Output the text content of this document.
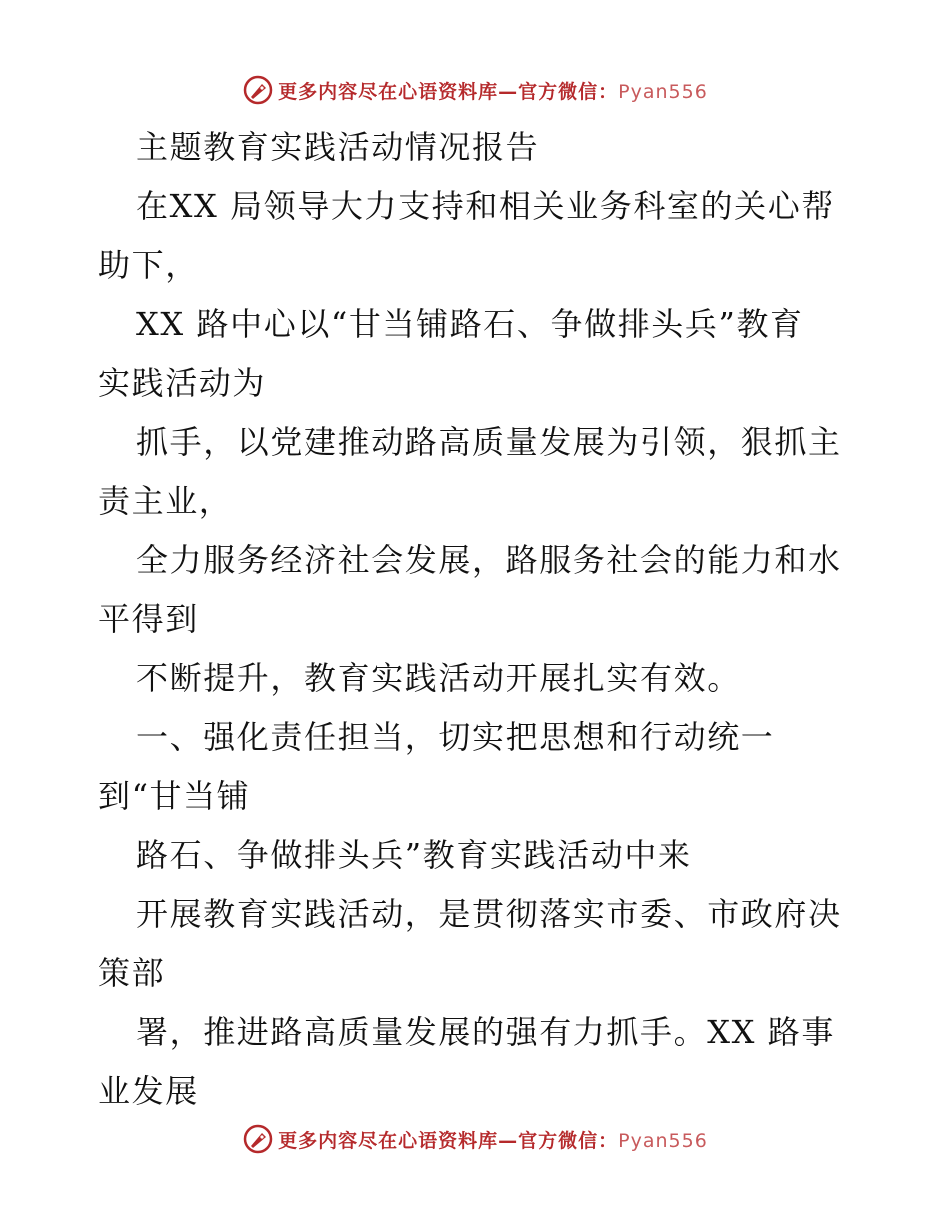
更多内容尽在心语资料库—官方微信：Pyan556
主题教育实践活动情况报告
在XX 局领导大力支持和相关业务科室的关心帮
助下，
XX 路中心以“甘当铺路石、争做排头兵”教育
实践活动为
抓手，以党建推动路高质量发展为引领，狠抓主
责主业，
全力服务经济社会发展，路服务社会的能力和水
平得到
不断提升，教育实践活动开展扎实有效。
一、强化责任担当，切实把思想和行动统一
到“甘当铺
路石、争做排头兵”教育实践活动中来
开展教育实践活动，是贯彻落实市委、市政府决
策部
署，推进路高质量发展的强有力抓手。XX 路事
业发展
更多内容尽在心语资料库—官方微信：Pyan556
